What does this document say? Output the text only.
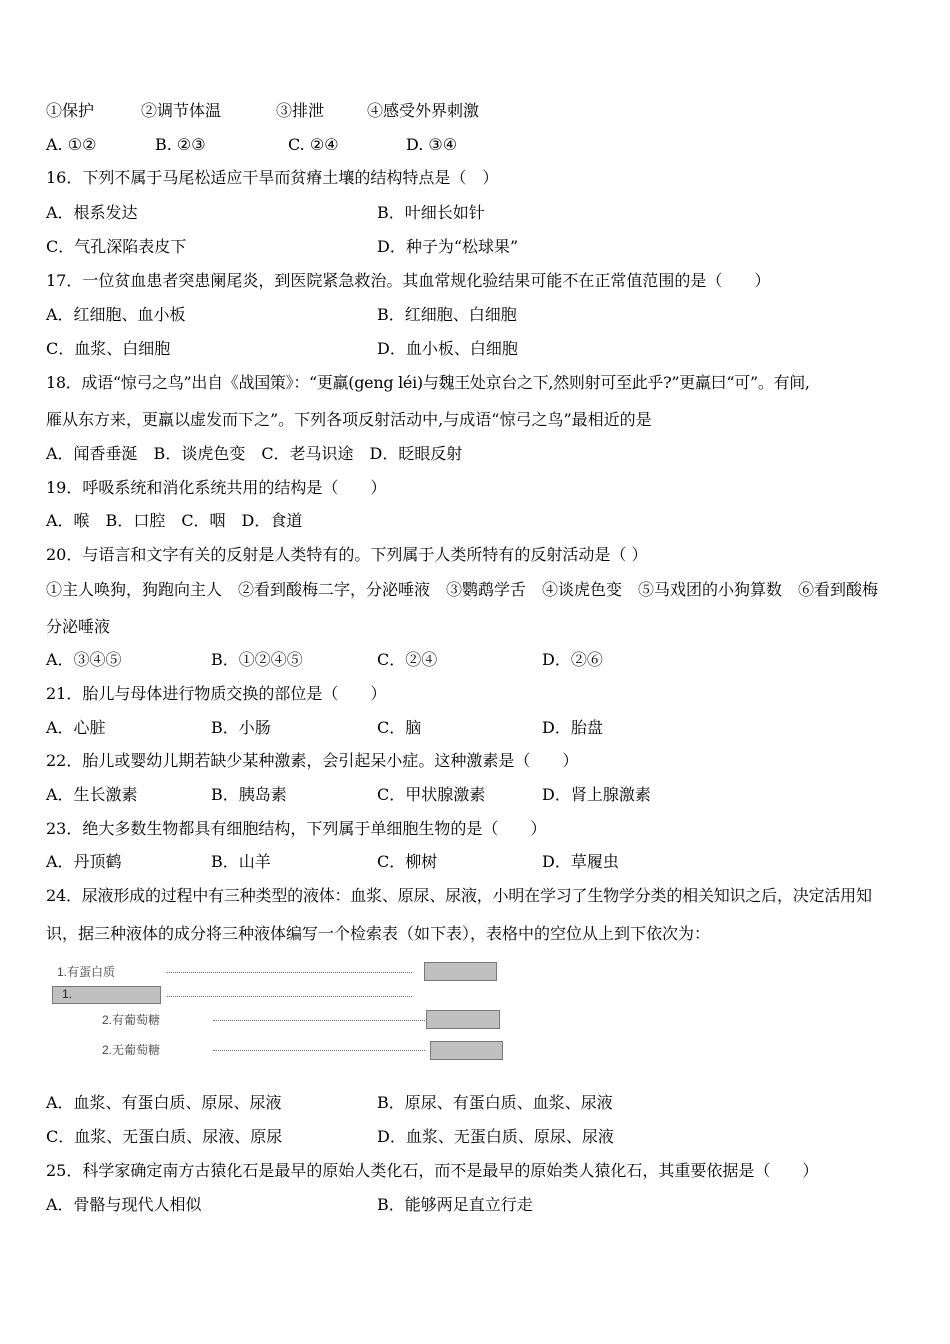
①保护	②调节体温	③排泄	④感受外界刺激
A. ①②	B. ②③	C. ②④	D. ③④
16．下列不属于马尾松适应干旱而贫瘠土壤的结构特点是（　）
A．根系发达	B．叶细长如针
C．气孔深陷表皮下	D．种子为“松球果”
17．一位贫血患者突患阑尾炎，到医院紧急救治。其血常规化验结果可能不在正常值范围的是（　　）
A．红细胞、血小板	B．红细胞、白细胞
C．血浆、白细胞	D．血小板、白细胞
18．成语“惊弓之鸟”出自《战国策》：“更羸(geng léi)与魏王处京台之下,然则射可至此乎?”更羸曰“可”。有间,
雁从东方来，更羸以虚发而下之”。下列各项反射活动中,与成语“惊弓之鸟”最相近的是
A．闻香垂涎　B．谈虎色变　C．老马识途　D．眨眼反射
19．呼吸系统和消化系统共用的结构是（　　）
A．喉　B．口腔　C．咽　D．食道
20．与语言和文字有关的反射是人类特有的。下列属于人类所特有的反射活动是（ ）
①主人唤狗，狗跑向主人　②看到酸梅二字，分泌唾液　③鹦鹉学舌　④谈虎色变　⑤马戏团的小狗算数　⑥看到酸梅
分泌唾液
A．③④⑤	B．①②④⑤	C．②④	D．②⑥
21．胎儿与母体进行物质交换的部位是（　　）
A．心脏	B．小肠	C．脑	D．胎盘
22．胎儿或婴幼儿期若缺少某种激素，会引起呆小症。这种激素是（　　）
A．生长激素	B．胰岛素	C．甲状腺激素	D．肾上腺激素
23．绝大多数生物都具有细胞结构，下列属于单细胞生物的是（　　）
A．丹顶鹤	B．山羊	C．柳树	D．草履虫
24．尿液形成的过程中有三种类型的液体：血浆、原尿、尿液，小明在学习了生物学分类的相关知识之后，决定活用知
识，据三种液体的成分将三种液体编写一个检索表（如下表），表格中的空位从上到下依次为：
1.有蛋白质
1.
2.有葡萄糖
2.无葡萄糖
A．血浆、有蛋白质、原尿、尿液	B．原尿、有蛋白质、血浆、尿液
C．血浆、无蛋白质、尿液、原尿	D．血浆、无蛋白质、原尿、尿液
25．科学家确定南方古猿化石是最早的原始人类化石，而不是最早的原始类人猿化石，其重要依据是（　　）
A．骨骼与现代人相似	B．能够两足直立行走
